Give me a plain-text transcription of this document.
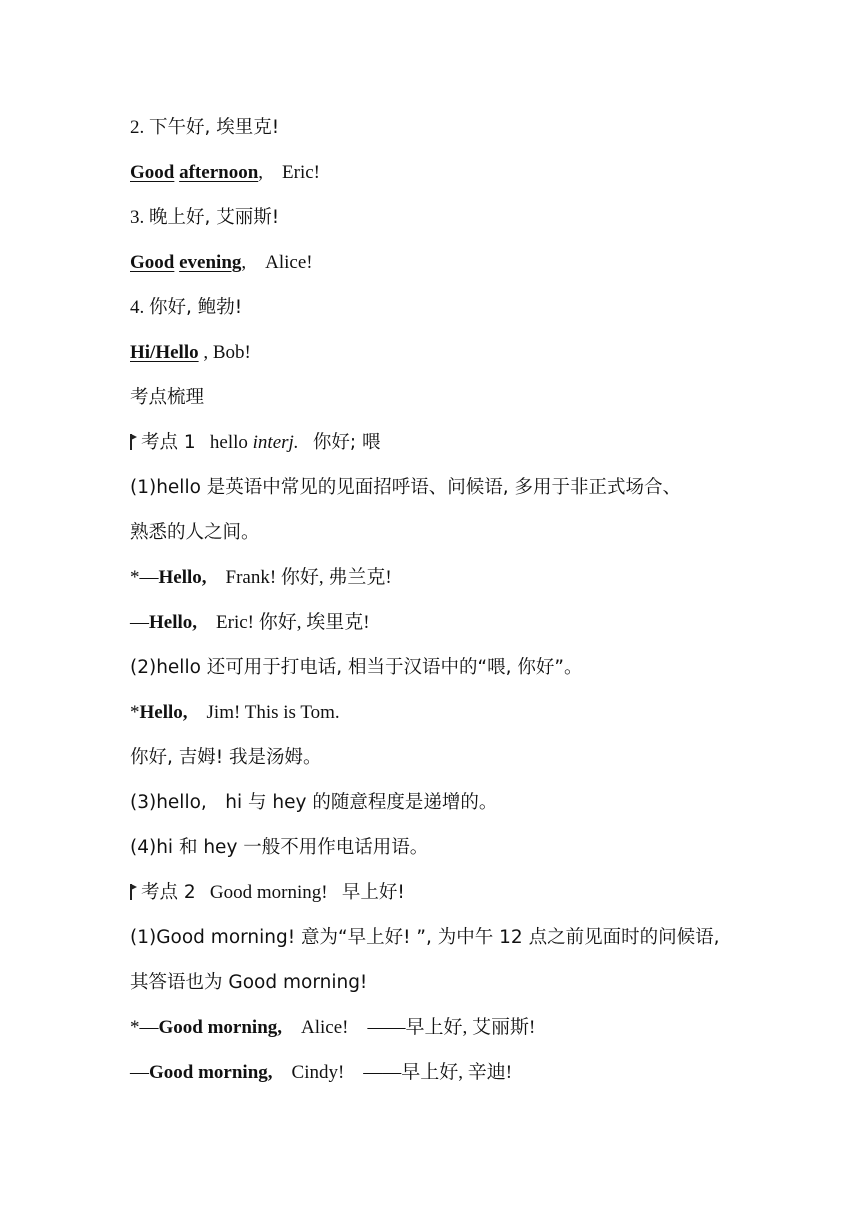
2. 下午好, 埃里克!
Good afternoon, Eric!
3. 晚上好, 艾丽斯!
Good evening, Alice!
4. 你好, 鲍勃!
Hi/Hello , Bob!
考点梳理
考点 1   hello interj.   你好; 喂
(1)hello 是英语中常见的见面招呼语、问候语, 多用于非正式场合、
熟悉的人之间。
*—Hello, Frank! 你好, 弗兰克!
—Hello, Eric! 你好, 埃里克!
(2)hello 还可用于打电话, 相当于汉语中的“喂, 你好”。
*Hello, Jim! This is Tom.
你好, 吉姆! 我是汤姆。
(3)hello, hi 与 hey 的随意程度是递增的。
(4)hi 和 hey 一般不用作电话用语。
考点 2   Good morning!   早上好!
(1)Good morning! 意为“早上好! ”, 为中午 12 点之前见面时的问候语,
其答语也为 Good morning!
*—Good morning, Alice! ——早上好, 艾丽斯!
—Good morning, Cindy! ——早上好, 辛迪!
